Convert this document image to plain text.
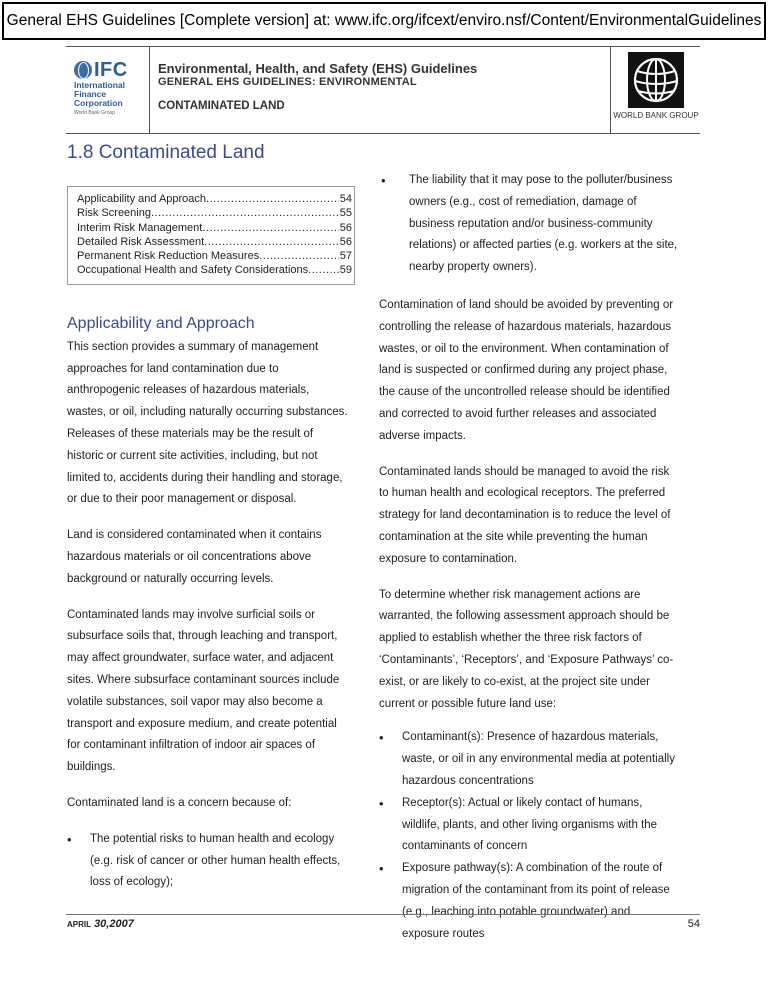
General EHS Guidelines [Complete version] at: www.ifc.org/ifcext/enviro.nsf/Content/EnvironmentalGuidelines
IFC
International
Finance
Corporation
World Bank Group
Environmental, Health, and Safety (EHS) Guidelines
GENERAL EHS GUIDELINES: ENVIRONMENTAL
CONTAMINATED LAND
WORLD BANK GROUP
1.8 Contaminated Land
Applicability and Approach .....	54
Risk Screening .....	55
Interim Risk Management .....	56
Detailed Risk Assessment .....	56
Permanent Risk Reduction Measures .....	57
Occupational Health and Safety Considerations .....	59
Applicability and Approach

This section provides a summary of management approaches for land contamination due to anthropogenic releases of hazardous materials, wastes, or oil, including naturally occurring substances. Releases of these materials may be the result of historic or current site activities, including, but not limited to, accidents during their handling and storage, or due to their poor management or disposal.

Land is considered contaminated when it contains hazardous materials or oil concentrations above background or naturally occurring levels.

Contaminated lands may involve surficial soils or subsurface soils that, through leaching and transport, may affect groundwater, surface water, and adjacent sites. Where subsurface contaminant sources include volatile substances, soil vapor may also become a transport and exposure medium, and create potential for contaminant infiltration of indoor air spaces of buildings.

Contaminated land is a concern because of:

• The potential risks to human health and ecology (e.g. risk of cancer or other human health effects, loss of ecology);
• The liability that it may pose to the polluter/business owners (e.g., cost of remediation, damage of business reputation and/or business-community relations) or affected parties (e.g. workers at the site, nearby property owners).

Contamination of land should be avoided by preventing or controlling the release of hazardous materials, hazardous wastes, or oil to the environment. When contamination of land is suspected or confirmed during any project phase, the cause of the uncontrolled release should be identified and corrected to avoid further releases and associated adverse impacts.

Contaminated lands should be managed to avoid the risk to human health and ecological receptors. The preferred strategy for land decontamination is to reduce the level of contamination at the site while preventing the human exposure to contamination.

To determine whether risk management actions are warranted, the following assessment approach should be applied to establish whether the three risk factors of ‘Contaminants’, ‘Receptors’, and ‘Exposure Pathways’ co-exist, or are likely to co-exist, at the project site under current or possible future land use:

• Contaminant(s): Presence of hazardous materials, waste, or oil in any environmental media at potentially hazardous concentrations
• Receptor(s): Actual or likely contact of humans, wildlife, plants, and other living organisms with the contaminants of concern
• Exposure pathway(s): A combination of the route of migration of the contaminant from its point of release (e.g., leaching into potable groundwater) and exposure routes
APRIL 30,2007	54
